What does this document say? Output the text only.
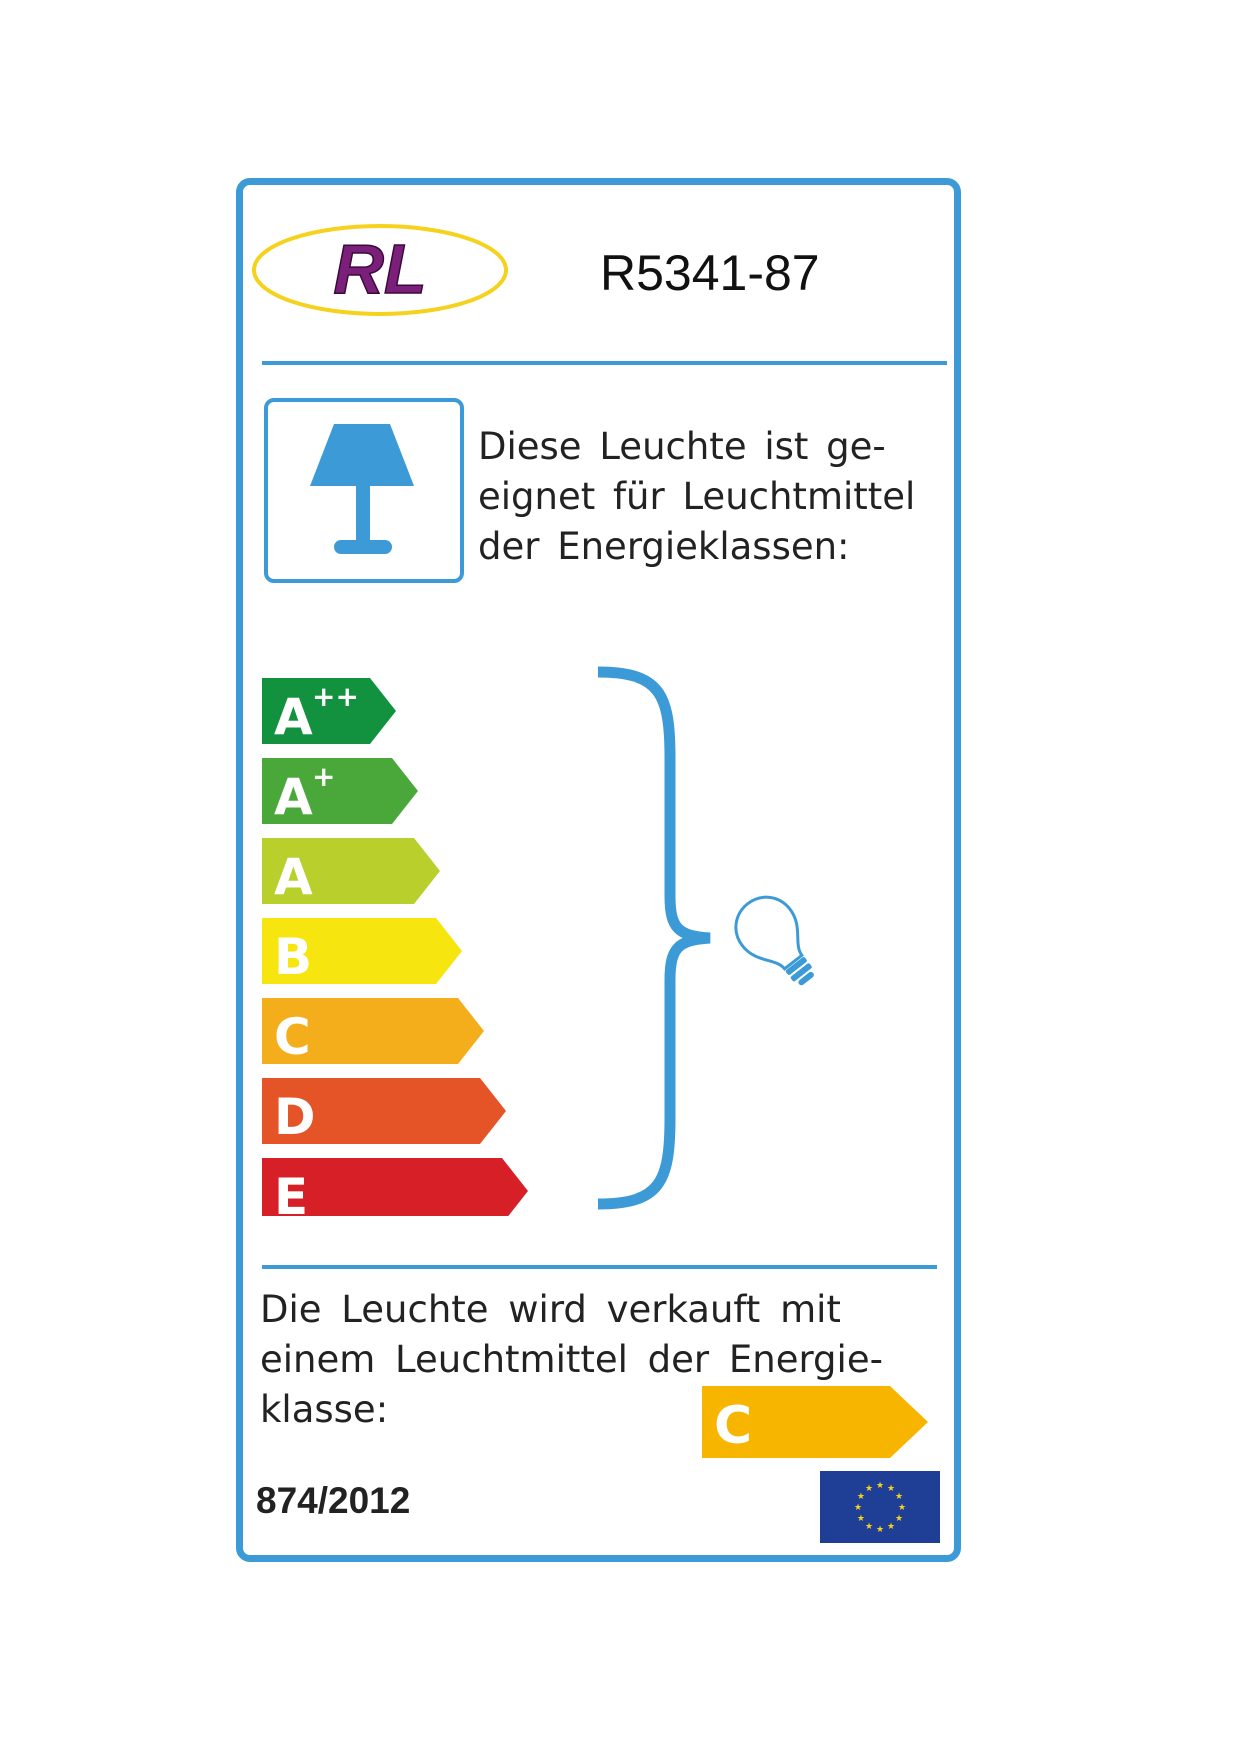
RL	R5341-87
Diese Leuchte ist ge-
eignet für Leuchtmittel
der Energieklassen:
A ++
A +
A
B
C
D
E
Die Leuchte wird verkauft mit
einem Leuchtmittel der Energie-
klasse:	C
874/2012	★ ★
★
★
★
★
★
★
★
★
★
★
